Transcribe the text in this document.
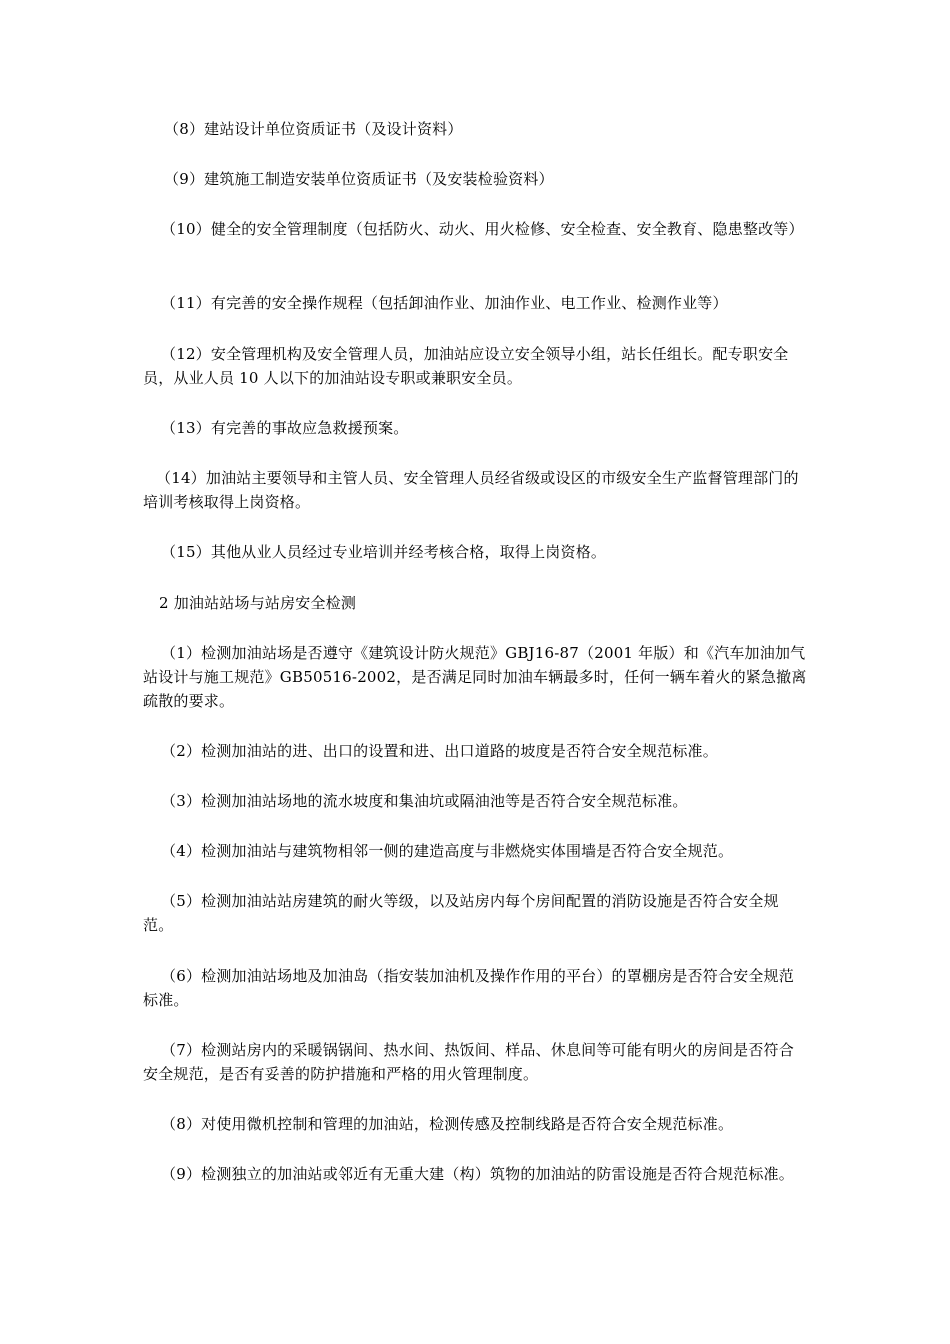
（8）建站设计单位资质证书（及设计资料）

（9）建筑施工制造安装单位资质证书（及安装检验资料）

（10）健全的安全管理制度（包括防火、动火、用火检修、安全检查、安全教育、隐患整改等）

（11）有完善的安全操作规程（包括卸油作业、加油作业、电工作业、检测作业等）

（12）安全管理机构及安全管理人员，加油站应设立安全领导小组，站长任组长。配专职安全员，从业人员 10 人以下的加油站设专职或兼职安全员。

（13）有完善的事故应急救援预案。

（14）加油站主要领导和主管人员、安全管理人员经省级或设区的市级安全生产监督管理部门的培训考核取得上岗资格。

（15）其他从业人员经过专业培训并经考核合格，取得上岗资格。

2 加油站站场与站房安全检测

（1）检测加油站场是否遵守《建筑设计防火规范》GBJ16-87（2001 年版）和《汽车加油加气站设计与施工规范》GB50516-2002，是否满足同时加油车辆最多时，任何一辆车着火的紧急撤离疏散的要求。

（2）检测加油站的进、出口的设置和进、出口道路的坡度是否符合安全规范标准。

（3）检测加油站场地的流水坡度和集油坑或隔油池等是否符合安全规范标准。

（4）检测加油站与建筑物相邻一侧的建造高度与非燃烧实体围墙是否符合安全规范。

（5）检测加油站站房建筑的耐火等级，以及站房内每个房间配置的消防设施是否符合安全规范。

（6）检测加油站场地及加油岛（指安装加油机及操作作用的平台）的罩棚房是否符合安全规范标准。

（7）检测站房内的采暖锅锅间、热水间、热饭间、样品、休息间等可能有明火的房间是否符合安全规范，是否有妥善的防护措施和严格的用火管理制度。

（8）对使用微机控制和管理的加油站，检测传感及控制线路是否符合安全规范标准。

（9）检测独立的加油站或邻近有无重大建（构）筑物的加油站的防雷设施是否符合规范标准。
